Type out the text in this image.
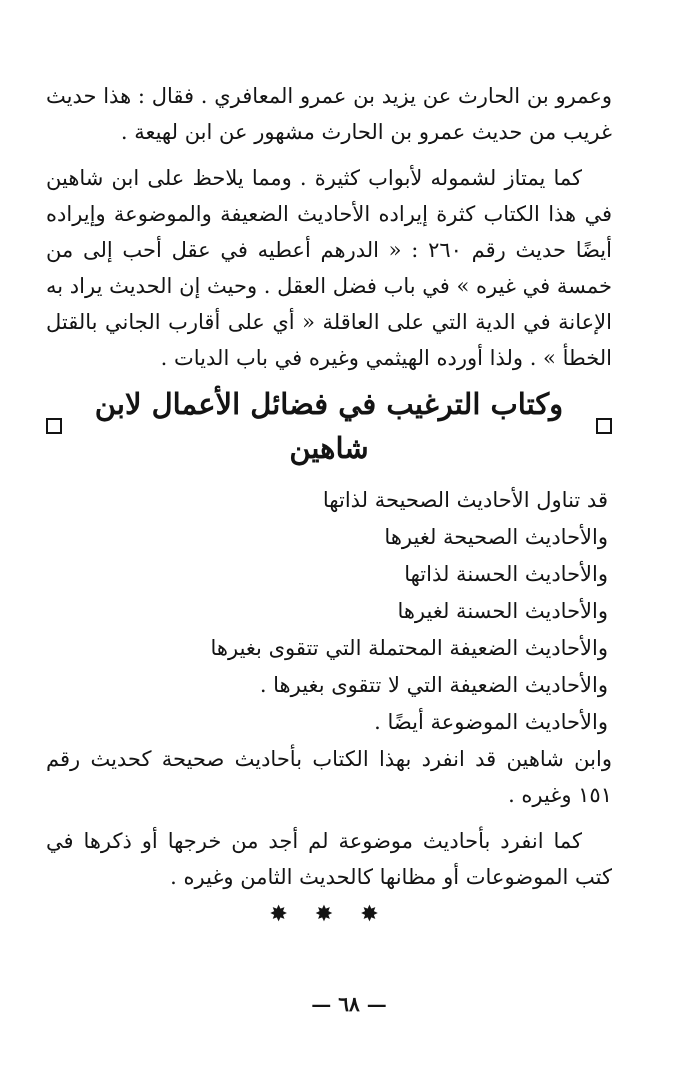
وعمرو بن الحارث عن يزيد بن عمرو المعافري . فقال : هذا حديث غريب من حديث عمرو بن الحارث مشهور عن ابن لهيعة .

كما يمتاز لشموله لأبواب كثيرة . ومما يلاحظ على ابن شاهين في هذا الكتاب كثرة إيراده الأحاديث الضعيفة والموضوعة وإيراده أيضًا حديث رقم ٢٦٠ : « الدرهم أعطيه في عقل أحب إلى من خمسة في غيره » في باب فضل العقل . وحيث إن الحديث يراد به الإعانة في الدية التي على العاقلة « أي على أقارب الجاني بالقتل الخطأ » . ولذا أورده الهيثمي وغيره في باب الديات .

وكتاب الترغيب في فضائل الأعمال لابن شاهين
قد تناول الأحاديث الصحيحة لذاتها
والأحاديث الصحيحة لغيرها
والأحاديث الحسنة لذاتها
والأحاديث الحسنة لغيرها
والأحاديث الضعيفة المحتملة التي تتقوى بغيرها
والأحاديث الضعيفة التي لا تتقوى بغيرها .
والأحاديث الموضوعة أيضًا .

وابن شاهين قد انفرد بهذا الكتاب بأحاديث صحيحة كحديث رقم ١٥١ وغيره .

كما انفرد بأحاديث موضوعة لم أجد من خرجها أو ذكرها في كتب الموضوعات أو مظانها كالحديث الثامن وغيره .

✸ ✸ ✸
— ٦٨ —
